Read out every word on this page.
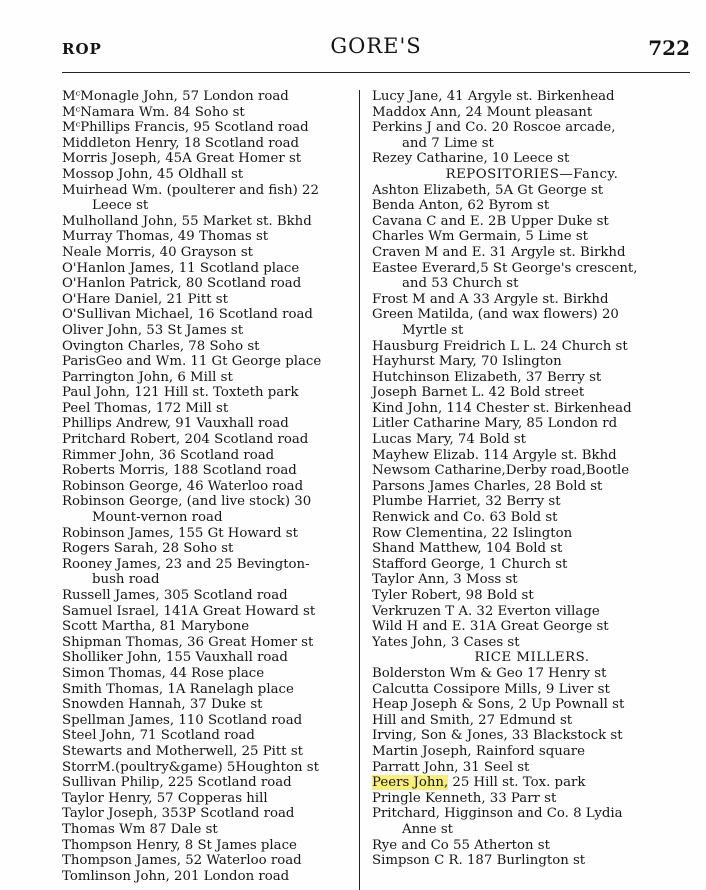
ROP	GORE'S	722
MᶜMonagle John, 57 London road
MᶜNamara Wm. 84 Soho st
MᶜPhillips Francis, 95 Scotland road
Middleton Henry, 18 Scotland road
Morris Joseph, 45A Great Homer st
Mossop John, 45 Oldhall st
Muirhead Wm. (poulterer and fish) 22
Leece st
Mulholland John, 55 Market st. Bkhd
Murray Thomas, 49 Thomas st
Neale Morris, 40 Grayson st
O'Hanlon James, 11 Scotland place
O'Hanlon Patrick, 80 Scotland road
O'Hare Daniel, 21 Pitt st
O'Sullivan Michael, 16 Scotland road
Oliver John, 53 St James st
Ovington Charles, 78 Soho st
ParisGeo and Wm. 11 Gt George place
Parrington John, 6 Mill st
Paul John, 121 Hill st. Toxteth park
Peel Thomas, 172 Mill st
Phillips Andrew, 91 Vauxhall road
Pritchard Robert, 204 Scotland road
Rimmer John, 36 Scotland road
Roberts Morris, 188 Scotland road
Robinson George, 46 Waterloo road
Robinson George, (and live stock) 30
Mount-vernon road
Robinson James, 155 Gt Howard st
Rogers Sarah, 28 Soho st
Rooney James, 23 and 25 Bevington-
bush road
Russell James, 305 Scotland road
Samuel Israel, 141A Great Howard st
Scott Martha, 81 Marybone
Shipman Thomas, 36 Great Homer st
Sholliker John, 155 Vauxhall road
Simon Thomas, 44 Rose place
Smith Thomas, 1A Ranelagh place
Snowden Hannah, 37 Duke st
Spellman James, 110 Scotland road
Steel John, 71 Scotland road
Stewarts and Motherwell, 25 Pitt st
StorrM.(poultry&game) 5Houghton st
Sullivan Philip, 225 Scotland road
Taylor Henry, 57 Copperas hill
Taylor Joseph, 353P Scotland road
Thomas Wm 87 Dale st
Thompson Henry, 8 St James place
Thompson James, 52 Waterloo road
Tomlinson John, 201 London road
Lucy Jane, 41 Argyle st. Birkenhead
Maddox Ann, 24 Mount pleasant
Perkins J and Co. 20 Roscoe arcade,
and 7 Lime st
Rezey Catharine, 10 Leece st
REPOSITORIES—Fancy.
Ashton Elizabeth, 5A Gt George st
Benda Anton, 62 Byrom st
Cavana C and E. 2B Upper Duke st
Charles Wm Germain, 5 Lime st
Craven M and E. 31 Argyle st. Birkhd
Eastee Everard,5 St George's crescent,
and 53 Church st
Frost M and A 33 Argyle st. Birkhd
Green Matilda, (and wax flowers) 20
Myrtle st
Hausburg Freidrich L L. 24 Church st
Hayhurst Mary, 70 Islington
Hutchinson Elizabeth, 37 Berry st
Joseph Barnet L. 42 Bold street
Kind John, 114 Chester st. Birkenhead
Litler Catharine Mary, 85 London rd
Lucas Mary, 74 Bold st
Mayhew Elizab. 114 Argyle st. Bkhd
Newsom Catharine,Derby road,Bootle
Parsons James Charles, 28 Bold st
Plumbe Harriet, 32 Berry st
Renwick and Co. 63 Bold st
Row Clementina, 22 Islington
Shand Matthew, 104 Bold st
Stafford George, 1 Church st
Taylor Ann, 3 Moss st
Tyler Robert, 98 Bold st
Verkruzen T A. 32 Everton village
Wild H and E. 31A Great George st
Yates John, 3 Cases st
RICE MILLERS.
Bolderston Wm & Geo 17 Henry st
Calcutta Cossipore Mills, 9 Liver st
Heap Joseph & Sons, 2 Up Pownall st
Hill and Smith, 27 Edmund st
Irving, Son & Jones, 33 Blackstock st
Martin Joseph, Rainford square
Parratt John, 31 Seel st
Peers John, 25 Hill st. Tox. park
Pringle Kenneth, 33 Parr st
Pritchard, Higginson and Co. 8 Lydia
Anne st
Rye and Co 55 Atherton st
Simpson C R. 187 Burlington st
